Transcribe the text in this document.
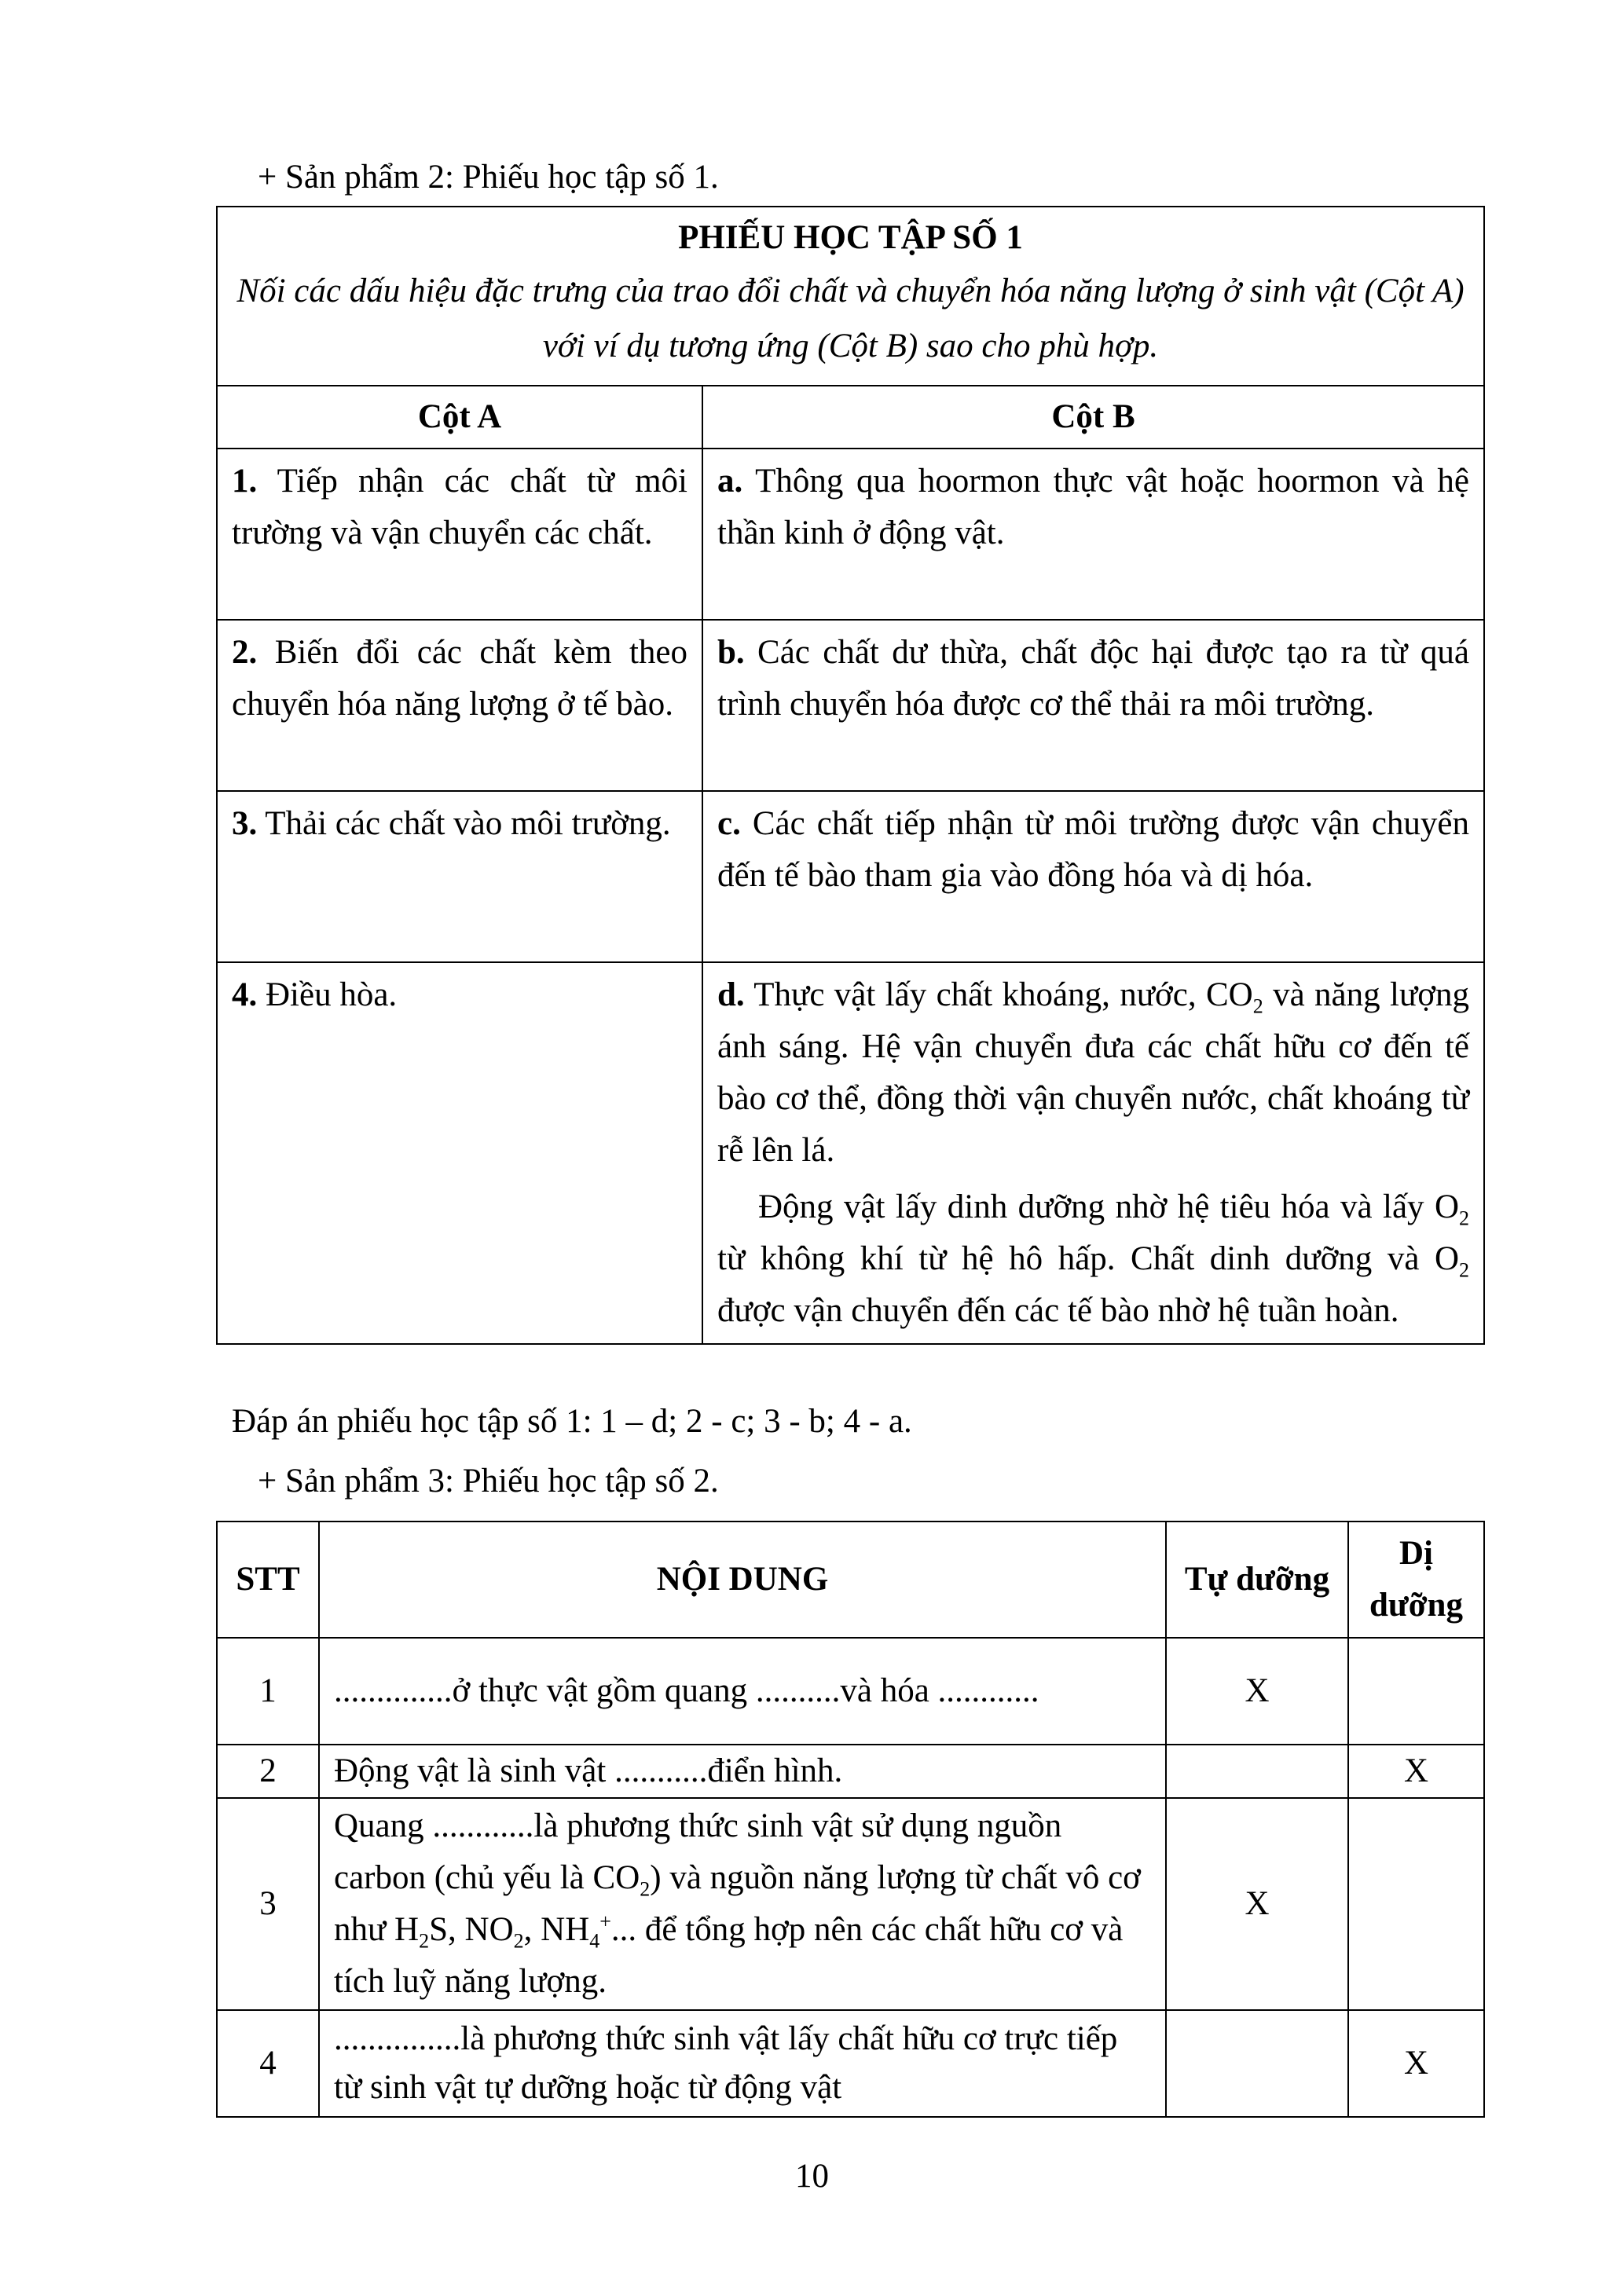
+ Sản phẩm 2: Phiếu học tập số 1.
PHIẾU HỌC TẬP SỐ 1
Nối các dấu hiệu đặc trưng của trao đổi chất và chuyển hóa năng lượng ở sinh vật (Cột A) với ví dụ tương ứng (Cột B) sao cho phù hợp.	

Cột A	Cột B
1. Tiếp nhận các chất từ môi trường và vận chuyển các chất.	a. Thông qua hoormon thực vật hoặc hoormon và hệ thần kinh ở động vật.
2. Biến đổi các chất kèm theo chuyển hóa năng lượng ở tế bào.	b. Các chất dư thừa, chất độc hại được tạo ra từ quá trình chuyển hóa được cơ thể thải ra môi trường.
3. Thải các chất vào môi trường.	c. Các chất tiếp nhận từ môi trường được vận chuyển đến tế bào tham gia vào đồng hóa và dị hóa.
4. Điều hòa.	d. Thực vật lấy chất khoáng, nước, $CO_2$ và năng lượng ánh sáng. Hệ vận chuyển đưa các chất hữu cơ đến tế bào cơ thể, đồng thời vận chuyển nước, chất khoáng từ rễ lên lá.
Động vật lấy dinh dưỡng nhờ hệ tiêu hóa và lấy $O_2$ từ không khí từ hệ hô hấp. Chất dinh dưỡng và $O_2$ được vận chuyển đến các tế bào nhờ hệ tuần hoàn.
Đáp án phiếu học tập số 1: 1 – d; 2 - c; 3 - b; 4 - a.
+ Sản phẩm 3: Phiếu học tập số 2.
STT	NỘI DUNG	Tự dưỡng	Dị dưỡng
1	..............ở thực vật gồm quang ..........và hóa ............	X	
2	Động vật là sinh vật ...........điển hình.		X
3	Quang ............là phương thức sinh vật sử dụng nguồn carbon (chủ yếu là $CO_2$) và nguồn năng lượng từ chất vô cơ như $H_2S$, $NO_2$, $NH_4^+$... để tổng hợp nên các chất hữu cơ và tích luỹ năng lượng.	X	
4	...............là phương thức sinh vật lấy chất hữu cơ trực tiếp từ sinh vật tự dưỡng hoặc từ động vật		X
10
